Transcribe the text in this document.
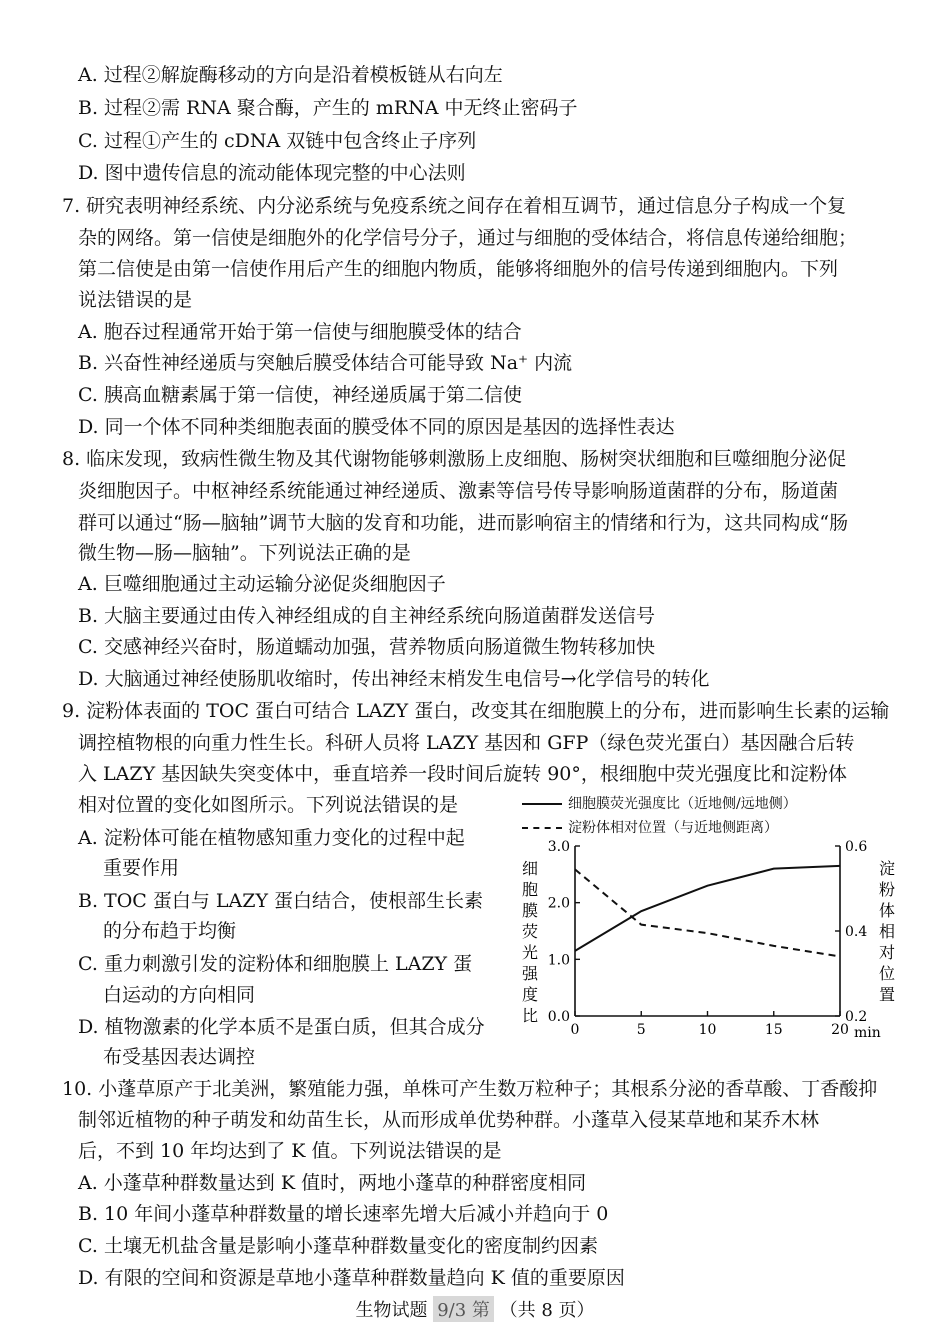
A. 过程②解旋酶移动的方向是沿着模板链从右向左
B. 过程②需 RNA 聚合酶，产生的 mRNA 中无终止密码子
C. 过程①产生的 cDNA 双链中包含终止子序列
D. 图中遗传信息的流动能体现完整的中心法则
7. 研究表明神经系统、内分泌系统与免疫系统之间存在着相互调节，通过信息分子构成一个复
杂的网络。第一信使是细胞外的化学信号分子，通过与细胞的受体结合，将信息传递给细胞；
第二信使是由第一信使作用后产生的细胞内物质，能够将细胞外的信号传递到细胞内。下列
说法错误的是
A. 胞吞过程通常开始于第一信使与细胞膜受体的结合
B. 兴奋性神经递质与突触后膜受体结合可能导致 Na⁺ 内流
C. 胰高血糖素属于第一信使，神经递质属于第二信使
D. 同一个体不同种类细胞表面的膜受体不同的原因是基因的选择性表达
8. 临床发现，致病性微生物及其代谢物能够刺激肠上皮细胞、肠树突状细胞和巨噬细胞分泌促
炎细胞因子。中枢神经系统能通过神经递质、激素等信号传导影响肠道菌群的分布，肠道菌
群可以通过“肠—脑轴”调节大脑的发育和功能，进而影响宿主的情绪和行为，这共同构成“肠
微生物—肠—脑轴”。下列说法正确的是
A. 巨噬细胞通过主动运输分泌促炎细胞因子
B. 大脑主要通过由传入神经组成的自主神经系统向肠道菌群发送信号
C. 交感神经兴奋时，肠道蠕动加强，营养物质向肠道微生物转移加快
D. 大脑通过神经使肠肌收缩时，传出神经末梢发生电信号→化学信号的转化
9. 淀粉体表面的 TOC 蛋白可结合 LAZY 蛋白，改变其在细胞膜上的分布，进而影响生长素的运输
调控植物根的向重力性生长。科研人员将 LAZY 基因和 GFP（绿色荧光蛋白）基因融合后转
入 LAZY 基因缺失突变体中，垂直培养一段时间后旋转 90°，根细胞中荧光强度比和淀粉体
相对位置的变化如图所示。下列说法错误的是
A. 淀粉体可能在植物感知重力变化的过程中起
重要作用
B. TOC 蛋白与 LAZY 蛋白结合，使根部生长素
的分布趋于均衡
C. 重力刺激引发的淀粉体和细胞膜上 LAZY 蛋
白运动的方向相同
D. 植物激素的化学本质不是蛋白质，但其合成分
布受基因表达调控
细胞膜荧光强度比（近地侧/远地侧）
淀粉体相对位置（与近地侧距离）
0.0
1.0
2.0
3.0
0.2
0.4
0.6
0	5	10	15	20 min
细
胞
膜
荧
光
强
度
比
淀
粉
体
相
对
位
置
10. 小蓬草原产于北美洲，繁殖能力强，单株可产生数万粒种子；其根系分泌的香草酸、丁香酸抑
制邻近植物的种子萌发和幼苗生长，从而形成单优势种群。小蓬草入侵某草地和某乔木林
后，不到 10 年均达到了 K 值。下列说法错误的是
A. 小蓬草种群数量达到 K 值时，两地小蓬草的种群密度相同
B. 10 年间小蓬草种群数量的增长速率先增大后减小并趋向于 0
C. 土壤无机盐含量是影响小蓬草种群数量变化的密度制约因素
D. 有限的空间和资源是草地小蓬草种群数量趋向 K 值的重要原因
生物试题 9/3 第 （共 8 页）
